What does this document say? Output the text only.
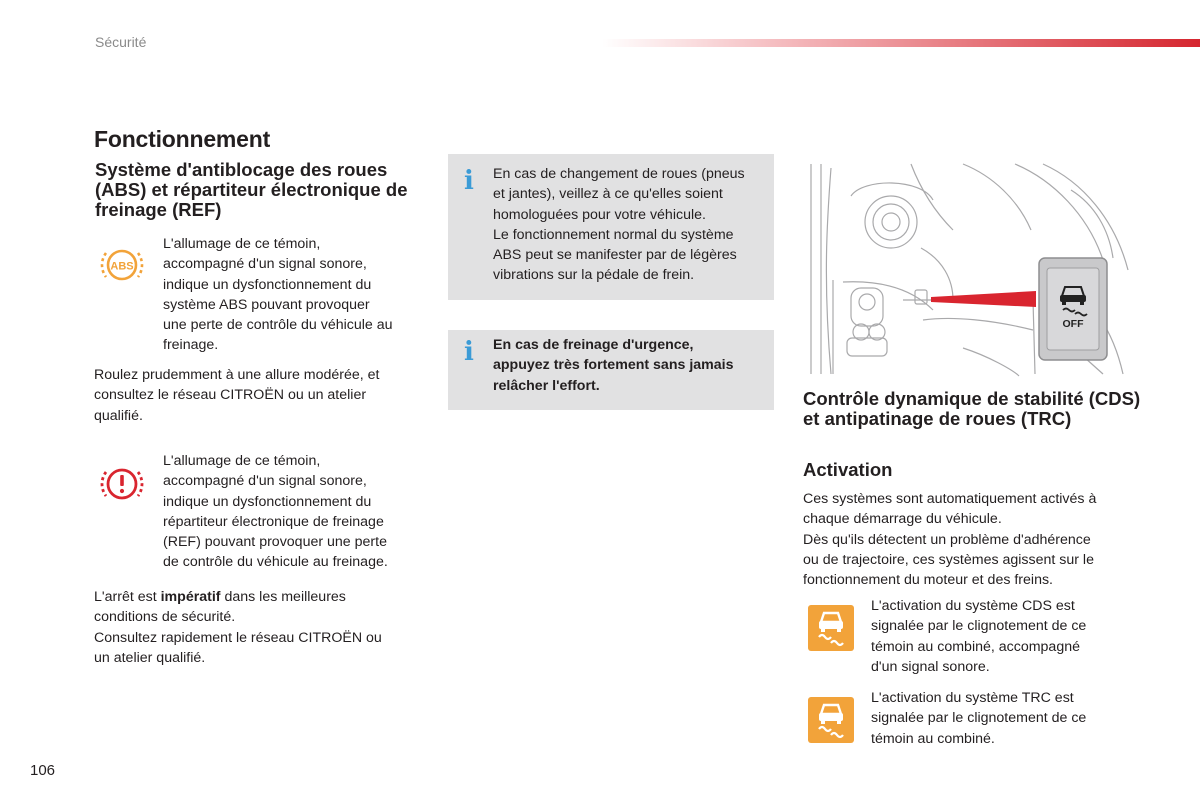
Sécurité
Fonctionnement
Système d'antiblocage des roues (ABS) et répartiteur électronique de freinage (REF)
ABS
L'allumage de ce témoin,
accompagné d'un signal sonore,
indique un dysfonctionnement du
système ABS pouvant provoquer
une perte de contrôle du véhicule au
freinage.
Roulez prudemment à une allure modérée, et
consultez le réseau CITROËN ou un atelier
qualifié.
L'allumage de ce témoin,
accompagné d'un signal sonore,
indique un dysfonctionnement du
répartiteur électronique de freinage
(REF) pouvant provoquer une perte
de contrôle du véhicule au freinage.
L'arrêt est impératif dans les meilleures
conditions de sécurité.
Consultez rapidement le réseau CITROËN ou
un atelier qualifié.
i En cas de changement de roues (pneus
et jantes), veillez à ce qu'elles soient
homologuées pour votre véhicule.
Le fonctionnement normal du système
ABS peut se manifester par de légères
vibrations sur la pédale de frein.
i En cas de freinage d'urgence,
appuyez très fortement sans jamais
relâcher l'effort.
OFF
Contrôle dynamique de stabilité (CDS) et antipatinage de roues (TRC)
Activation
Ces systèmes sont automatiquement activés à
chaque démarrage du véhicule.
Dès qu'ils détectent un problème d'adhérence
ou de trajectoire, ces systèmes agissent sur le
fonctionnement du moteur et des freins.
L'activation du système CDS est
signalée par le clignotement de ce
témoin au combiné, accompagné
d'un signal sonore.
L'activation du système TRC est
signalée par le clignotement de ce
témoin au combiné.
106
